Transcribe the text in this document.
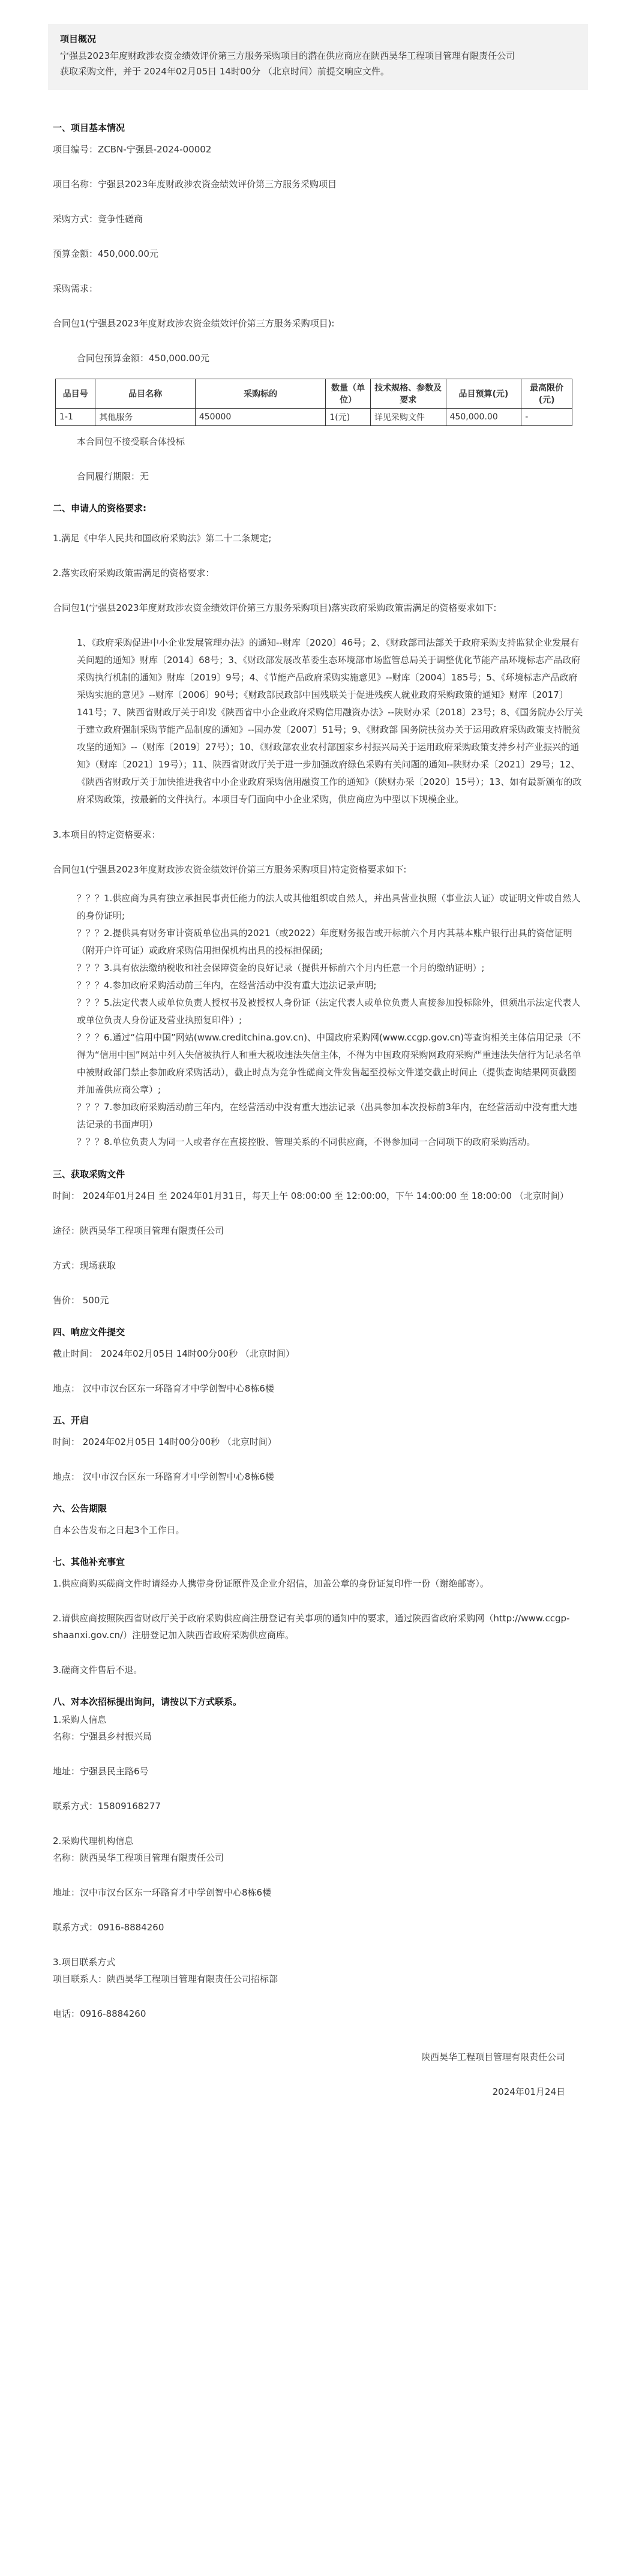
项目概况
宁强县2023年度财政涉农资金绩效评价第三方服务采购项目的潜在供应商应在陕西昊华工程项目管理有限责任公司
获取采购文件，并于 2024年02月05日 14时00分 （北京时间）前提交响应文件。
一、项目基本情况

项目编号：ZCBN-宁强县-2024-00002

项目名称：宁强县2023年度财政涉农资金绩效评价第三方服务采购项目

采购方式：竞争性磋商

预算金额：450,000.00元

采购需求：

合同包1(宁强县2023年度财政涉农资金绩效评价第三方服务采购项目):

合同包预算金额：450,000.00元

品目号	品目名称	采购标的	数量（单位）	技术规格、参数及要求	品目预算(元)	最高限价(元)
1-1	其他服务	450000	1(元)	详见采购文件	450,000.00	-

本合同包不接受联合体投标

合同履行期限：无

二、申请人的资格要求:

1.满足《中华人民共和国政府采购法》第二十二条规定;

2.落实政府采购政策需满足的资格要求：

合同包1(宁强县2023年度财政涉农资金绩效评价第三方服务采购项目)落实政府采购政策需满足的资格要求如下:

1、《政府采购促进中小企业发展管理办法》的通知--财库〔2020〕46号；2、《财政部司法部关于政府采购支持监狱企业发展有关问题的通知》财库〔2014〕68号；3、《财政部发展改革委生态环境部市场监管总局关于调整优化节能产品环境标志产品政府采购执行机制的通知》财库〔2019〕9号；4、《节能产品政府采购实施意见》--财库〔2004〕185号；5、《环境标志产品政府采购实施的意见》--财库〔2006〕90号；《财政部民政部中国残联关于促进残疾人就业政府采购政策的通知》财库〔2017〕141号；7、陕西省财政厅关于印发《陕西省中小企业政府采购信用融资办法》--陕财办采〔2018〕23号；8、《国务院办公厅关于建立政府强制采购节能产品制度的通知》--国办发〔2007〕51号；9、《财政部 国务院扶贫办关于运用政府采购政策支持脱贫攻坚的通知》--（财库〔2019〕27号）；10、《财政部农业农村部国家乡村振兴局关于运用政府采购政策支持乡村产业振兴的通知》（财库〔2021〕19号）；11、陕西省财政厅关于进一步加强政府绿色采购有关问题的通知--陕财办采〔2021〕29号；12、《陕西省财政厅关于加快推进我省中小企业政府采购信用融资工作的通知》（陕财办采〔2020〕15号）；13、如有最新颁布的政府采购政策，按最新的文件执行。本项目专门面向中小企业采购，供应商应为中型以下规模企业。

3.本项目的特定资格要求：

合同包1(宁强县2023年度财政涉农资金绩效评价第三方服务采购项目)特定资格要求如下:

？？？1.供应商为具有独立承担民事责任能力的法人或其他组织或自然人，并出具营业执照（事业法人证）或证明文件或自然人的身份证明;

？？？2.提供具有财务审计资质单位出具的2021（或2022）年度财务报告或开标前六个月内其基本账户银行出具的资信证明（附开户许可证）或政府采购信用担保机构出具的投标担保函;

？？？3.具有依法缴纳税收和社会保障资金的良好记录（提供开标前六个月内任意一个月的缴纳证明）;

？？？4.参加政府采购活动前三年内，在经营活动中没有重大违法记录声明;

？？？5.法定代表人或单位负责人授权书及被授权人身份证（法定代表人或单位负责人直接参加投标除外，但须出示法定代表人或单位负责人身份证及营业执照复印件）;

？？？6.通过“信用中国”网站(www.creditchina.gov.cn)、中国政府采购网(www.ccgp.gov.cn)等查询相关主体信用记录（不得为“信用中国”网站中列入失信被执行人和重大税收违法失信主体，不得为中国政府采购网政府采购严重违法失信行为记录名单中被财政部门禁止参加政府采购活动），截止时点为竞争性磋商文件发售起至投标文件递交截止时间止（提供查询结果网页截图并加盖供应商公章）;

？？？7.参加政府采购活动前三年内，在经营活动中没有重大违法记录（出具参加本次投标前3年内，在经营活动中没有重大违法记录的书面声明）

？？？8.单位负责人为同一人或者存在直接控股、管理关系的不同供应商，不得参加同一合同项下的政府采购活动。

三、获取采购文件

时间： 2024年01月24日 至 2024年01月31日，每天上午 08:00:00 至 12:00:00，下午 14:00:00 至 18:00:00 （北京时间）

途径：陕西昊华工程项目管理有限责任公司

方式：现场获取

售价： 500元

四、响应文件提交

截止时间： 2024年02月05日 14时00分00秒 （北京时间）

地点： 汉中市汉台区东一环路育才中学创智中心8栋6楼

五、开启

时间： 2024年02月05日 14时00分00秒 （北京时间）

地点： 汉中市汉台区东一环路育才中学创智中心8栋6楼

六、公告期限

自本公告发布之日起3个工作日。

七、其他补充事宜

1.供应商购买磋商文件时请经办人携带身份证原件及企业介绍信，加盖公章的身份证复印件一份（谢绝邮寄）。

2.请供应商按照陕西省财政厅关于政府采购供应商注册登记有关事项的通知中的要求，通过陕西省政府采购网（http://www.ccgp-shaanxi.gov.cn/）注册登记加入陕西省政府采购供应商库。

3.磋商文件售后不退。

八、对本次招标提出询问，请按以下方式联系。

1.采购人信息

名称：宁强县乡村振兴局

地址：宁强县民主路6号

联系方式：15809168277

2.采购代理机构信息

名称：陕西昊华工程项目管理有限责任公司

地址：汉中市汉台区东一环路育才中学创智中心8栋6楼

联系方式：0916-8884260

3.项目联系方式

项目联系人：陕西昊华工程项目管理有限责任公司招标部

电话：0916-8884260

陕西昊华工程项目管理有限责任公司

2024年01月24日
